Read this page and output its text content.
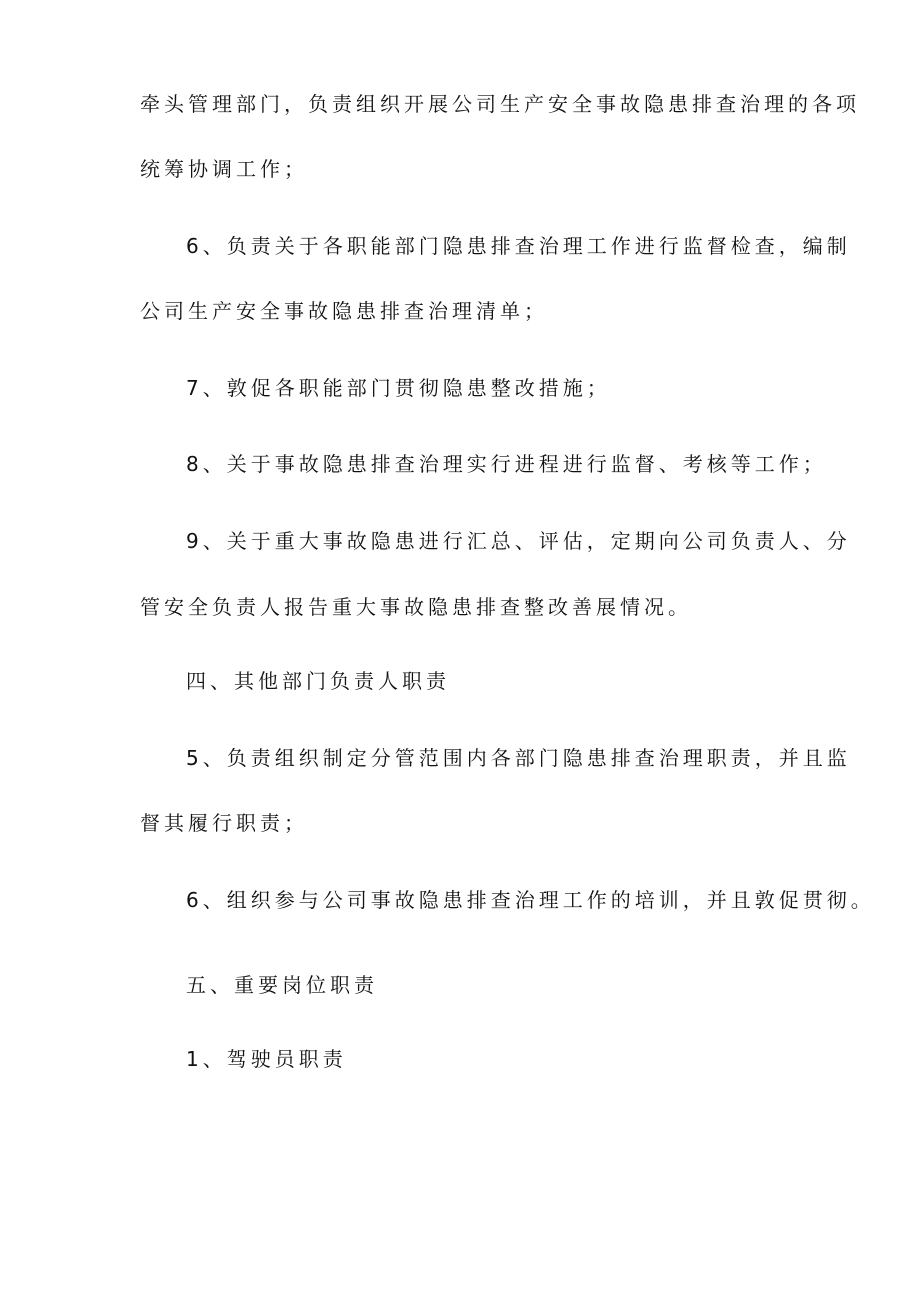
牵头管理部门，负责组织开展公司生产安全事故隐患排查治理的各项
统筹协调工作；
6、负责关于各职能部门隐患排查治理工作进行监督检查，编制
公司生产安全事故隐患排查治理清单；
7、敦促各职能部门贯彻隐患整改措施；
8、关于事故隐患排查治理实行进程进行监督、考核等工作；
9、关于重大事故隐患进行汇总、评估，定期向公司负责人、分
管安全负责人报告重大事故隐患排查整改善展情况。
四、其他部门负责人职责
5、负责组织制定分管范围内各部门隐患排查治理职责，并且监
督其履行职责；
6、组织参与公司事故隐患排查治理工作的培训，并且敦促贯彻。
五、重要岗位职责
1、驾驶员职责
